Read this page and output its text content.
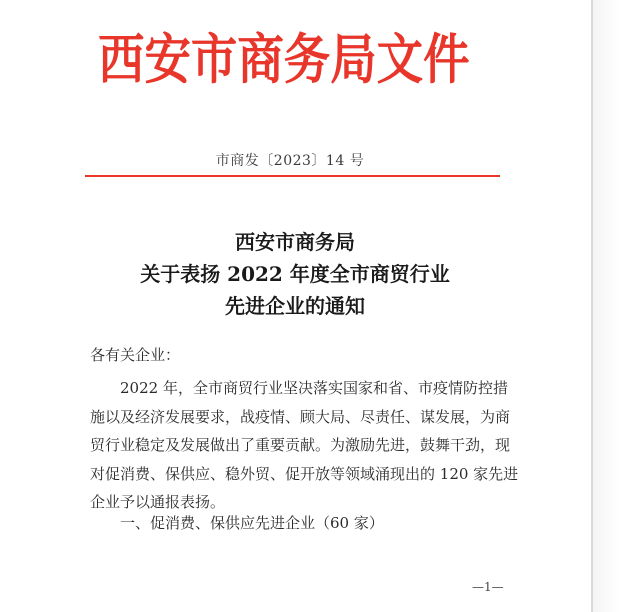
西安市商务局文件
市商发〔2023〕14 号
西安市商务局
关于表扬 2022 年度全市商贸行业
先进企业的通知
各有关企业：
2022 年，全市商贸行业坚决落实国家和省、市疫情防控措
施以及经济发展要求，战疫情、顾大局、尽责任、谋发展，为商
贸行业稳定及发展做出了重要贡献。为激励先进，鼓舞干劲，现
对促消费、保供应、稳外贸、促开放等领域涌现出的 120 家先进
企业予以通报表扬。
一、促消费、保供应先进企业（60 家）
—1—
